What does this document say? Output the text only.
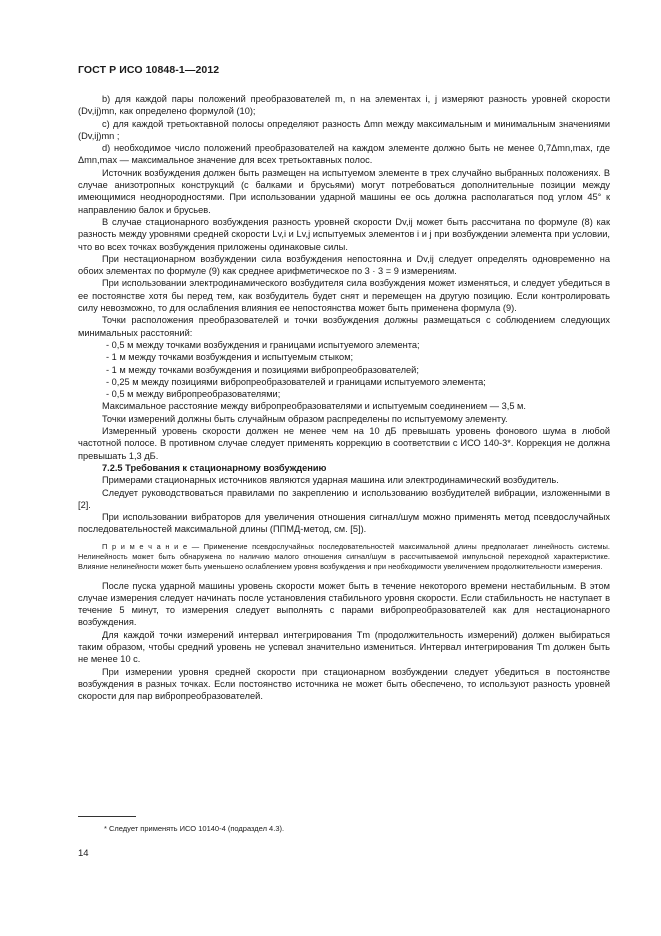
ГОСТ Р ИСО 10848-1—2012

b) для каждой пары положений преобразователей m, n на элементах i, j измеряют разность уровней скорости (Dv,ij)mn, как определено формулой (10);

c) для каждой третьоктавной полосы определяют разность Δmn между максимальным и минимальным значениями (Dv,ij)mn ;

d) необходимое число положений преобразователей на каждом элементе должно быть не менее 0,7Δmn,max, где Δmn,max — максимальное значение для всех третьоктавных полос.

Источник возбуждения должен быть размещен на испытуемом элементе в трех случайно выбранных положениях. В случае анизотропных конструкций (с балками и брусьями) могут потребоваться дополнительные позиции между имеющимися неоднородностями. При использовании ударной машины ее ось должна располагаться под углом 45° к направлению балок и брусьев.

В случае стационарного возбуждения разность уровней скорости Dv,ij может быть рассчитана по формуле (8) как разность между уровнями средней скорости Lv,i и Lv,j испытуемых элементов i и j при возбуждении элемента при условии, что во всех точках возбуждения приложены одинаковые силы.

При нестационарном возбуждении сила возбуждения непостоянна и Dv,ij следует определять одновременно на обоих элементах по формуле (9) как среднее арифметическое по 3 · 3 = 9 измерениям.

При использовании электродинамического возбудителя сила возбуждения может изменяться, и следует убедиться в ее постоянстве хотя бы перед тем, как возбудитель будет снят и перемещен на другую позицию. Если контролировать силу невозможно, то для ослабления влияния ее непостоянства может быть применена формула (9).

Точки расположения преобразователей и точки возбуждения должны размещаться с соблюдением следующих минимальных расстояний:

- 0,5 м между точками возбуждения и границами испытуемого элемента;

- 1 м между точками возбуждения и испытуемым стыком;

- 1 м между точками возбуждения и позициями вибропреобразователей;

- 0,25 м между позициями вибропреобразователей и границами испытуемого элемента;

- 0,5 м между вибропреобразователями;

Максимальное расстояние между вибропреобразователями и испытуемым соединением — 3,5 м.

Точки измерений должны быть случайным образом распределены по испытуемому элементу.

Измеренный уровень скорости должен не менее чем на 10 дБ превышать уровень фонового шума в любой частотной полосе. В противном случае следует применять коррекцию в соответствии с ИСО 140-3*. Коррекция не должна превышать 1,3 дБ.

7.2.5 Требования к стационарному возбуждению

Примерами стационарных источников являются ударная машина или электродинамический возбудитель.

Следует руководствоваться правилами по закреплению и использованию возбудителей вибрации, изложенными в [2].

При использовании вибраторов для увеличения отношения сигнал/шум можно применять метод псевдослучайных последовательностей максимальной длины (ППМД-метод, см. [5]).

П р и м е ч а н и е — Применение псевдослучайных последовательностей максимальной длины предполагает линейность системы. Нелинейность может быть обнаружена по наличию малого отношения сигнал/шум в рассчитываемой импульсной переходной характеристике. Влияние нелинейности может быть уменьшено ослаблением уровня возбуждения и при необходимости увеличением продолжительности измерения.

После пуска ударной машины уровень скорости может быть в течение некоторого времени нестабильным. В этом случае измерения следует начинать после установления стабильного уровня скорости. Если стабильность не наступает в течение 5 минут, то измерения следует выполнять с парами вибропреобразователей как для нестационарного возбуждения.

Для каждой точки измерений интервал интегрирования Tm (продолжительность измерений) должен выбираться таким образом, чтобы средний уровень не успевал значительно измениться. Интервал интегрирования Tm должен быть не менее 10 с.

При измерении уровня средней скорости при стационарном возбуждении следует убедиться в постоянстве возбуждения в разных точках. Если постоянство источника не может быть обеспечено, то используют разность уровней скорости для пар вибропреобразователей.

* Следует применять ИСО 10140-4 (подраздел 4.3).
14
